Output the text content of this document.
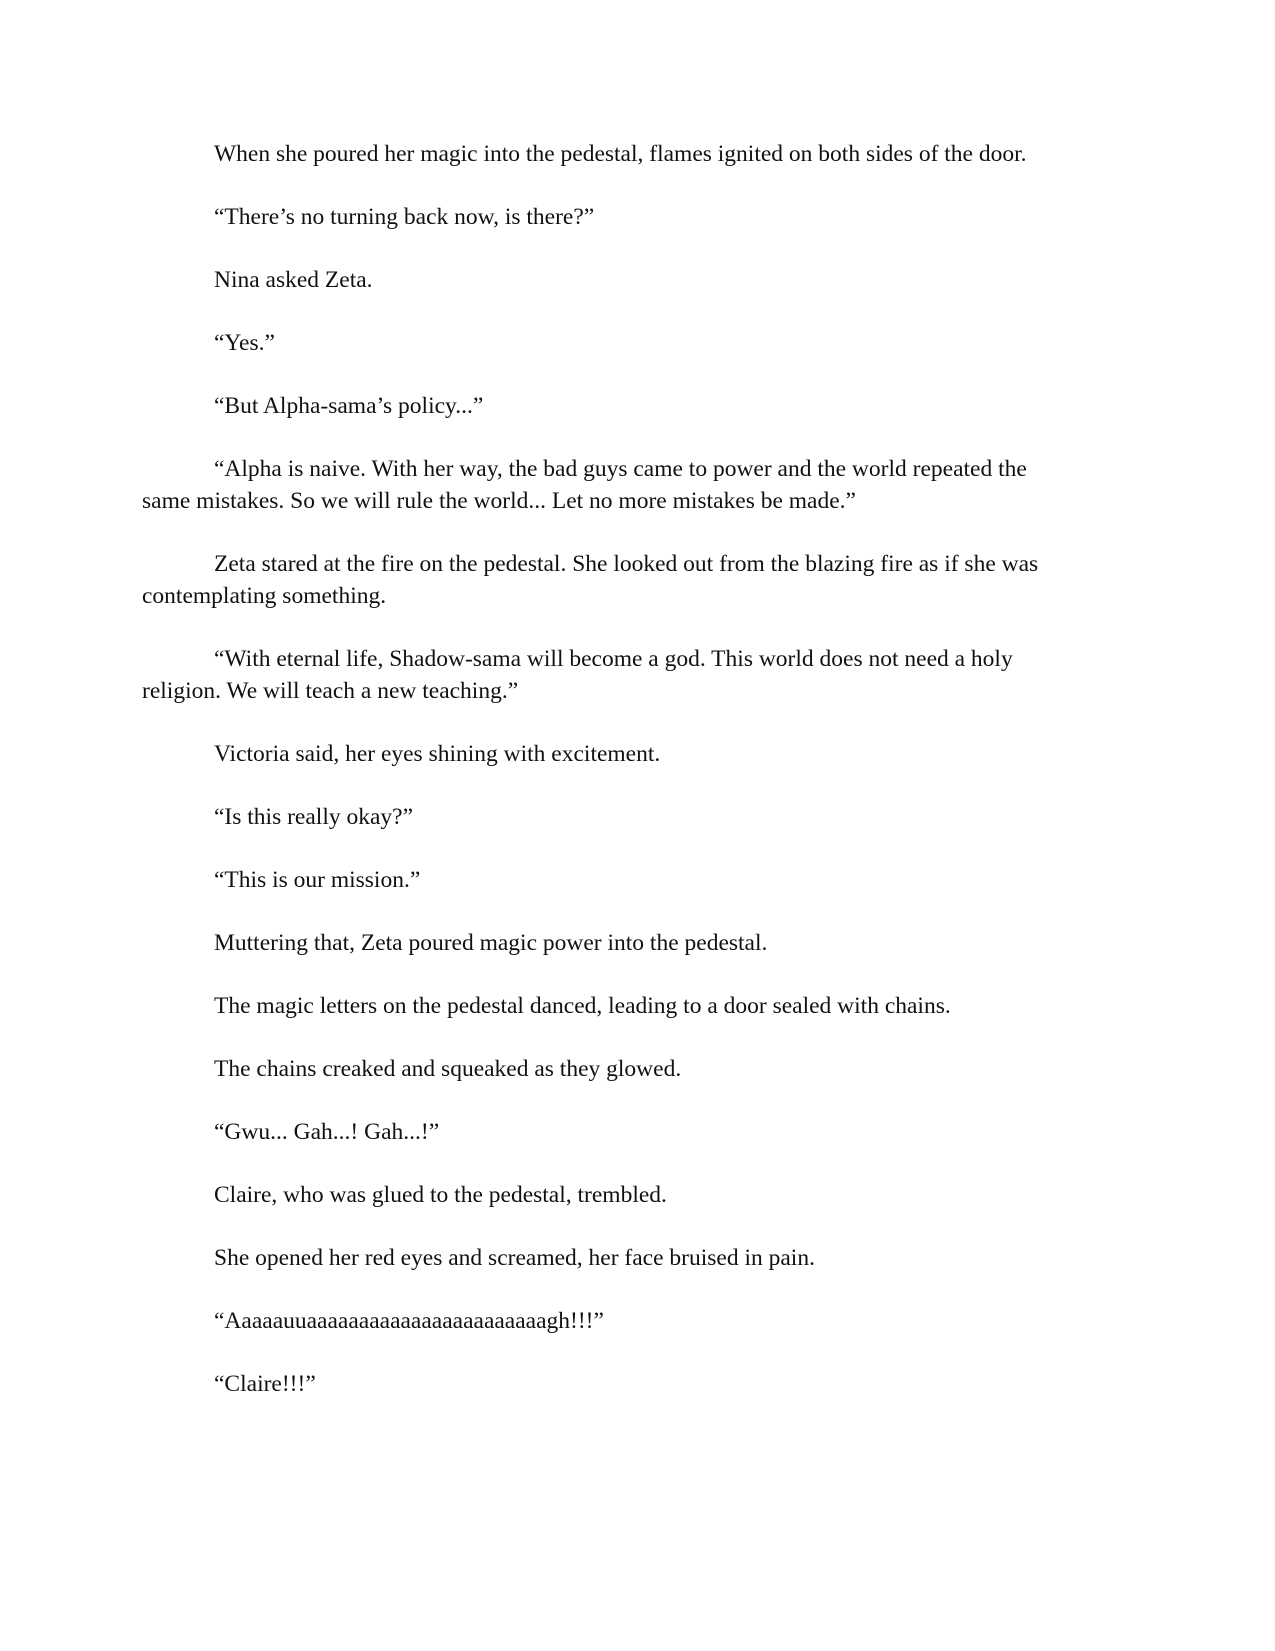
When she poured her magic into the pedestal, flames ignited on both sides of the door.

“There’s no turning back now, is there?”

Nina asked Zeta.

“Yes.”

“But Alpha-sama’s policy...”

“Alpha is naive. With her way, the bad guys came to power and the world repeated the same mistakes. So we will rule the world... Let no more mistakes be made.”

Zeta stared at the fire on the pedestal. She looked out from the blazing fire as if she was contemplating something.

“With eternal life, Shadow-sama will become a god. This world does not need a holy religion. We will teach a new teaching.”

Victoria said, her eyes shining with excitement.

“Is this really okay?”

“This is our mission.”

Muttering that, Zeta poured magic power into the pedestal.

The magic letters on the pedestal danced, leading to a door sealed with chains.

The chains creaked and squeaked as they glowed.

“Gwu... Gah...! Gah...!”

Claire, who was glued to the pedestal, trembled.

She opened her red eyes and screamed, her face bruised in pain.

“Aaaaauuaaaaaaaaaaaaaaaaaaaaaaagh!!!”

“Claire!!!”
